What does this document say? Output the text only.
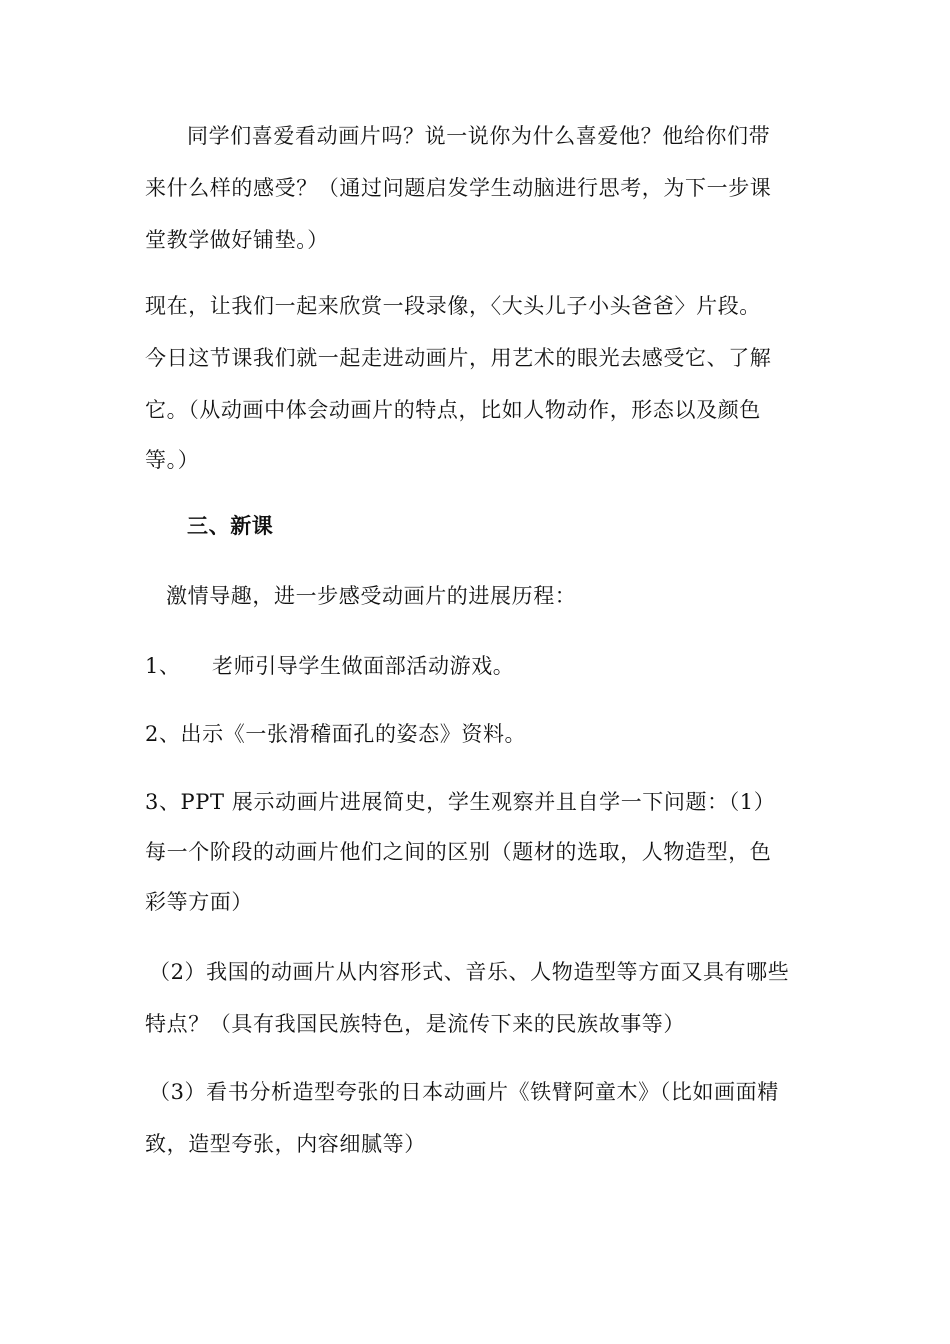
同学们喜爱看动画片吗？说一说你为什么喜爱他？他给你们带
来什么样的感受？（通过问题启发学生动脑进行思考，为下一步课
堂教学做好铺垫。）
现在，让我们一起来欣赏一段录像，〈大头儿子小头爸爸〉片段。
今日这节课我们就一起走进动画片，用艺术的眼光去感受它、了解
它。（从动画中体会动画片的特点，比如人物动作，形态以及颜色
等。）
三、新课
激情导趣，进一步感受动画片的进展历程：
1、 老师引导学生做面部活动游戏。
2、出示《一张滑稽面孔的姿态》资料。
3、PPT 展示动画片进展简史，学生观察并且自学一下问题：（1）
每一个阶段的动画片他们之间的区别（题材的选取，人物造型，色
彩等方面）
（2）我国的动画片从内容形式、音乐、人物造型等方面又具有哪些
特点？（具有我国民族特色，是流传下来的民族故事等）
（3）看书分析造型夸张的日本动画片《铁臂阿童木》（比如画面精
致，造型夸张，内容细腻等）
